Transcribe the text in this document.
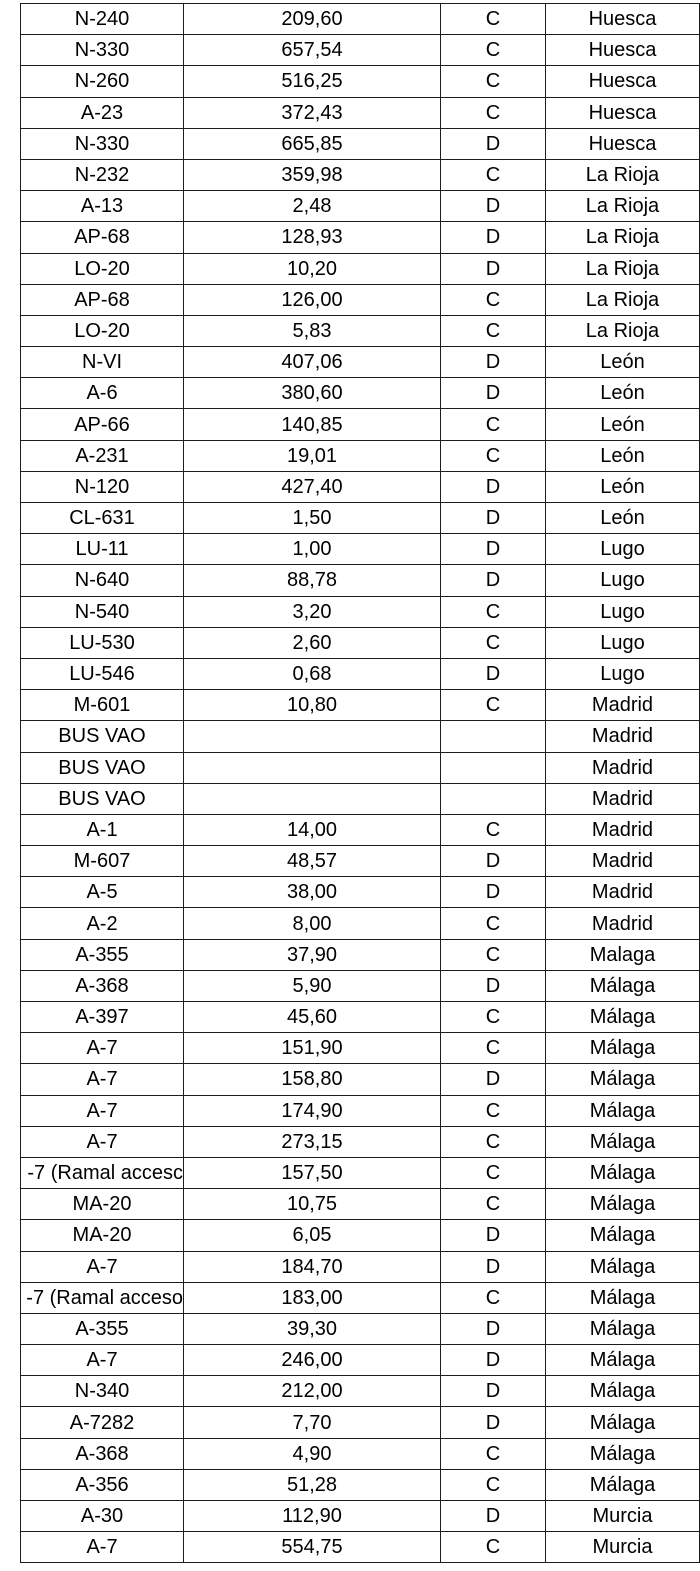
N-240	209,60	C	Huesca
N-330	657,54	C	Huesca
N-260	516,25	C	Huesca
A-23	372,43	C	Huesca
N-330	665,85	D	Huesca
N-232	359,98	C	La Rioja
A-13	2,48	D	La Rioja
AP-68	128,93	D	La Rioja
LO-20	10,20	D	La Rioja
AP-68	126,00	C	La Rioja
LO-20	5,83	C	La Rioja
N-VI	407,06	D	León
A-6	380,60	D	León
AP-66	140,85	C	León
A-231	19,01	C	León
N-120	427,40	D	León
CL-631	1,50	D	León
LU-11	1,00	D	Lugo
N-640	88,78	D	Lugo
N-540	3,20	C	Lugo
LU-530	2,60	C	Lugo
LU-546	0,68	D	Lugo
M-601	10,80	C	Madrid
BUS VAO			Madrid
BUS VAO			Madrid
BUS VAO			Madrid
A-1	14,00	C	Madrid
M-607	48,57	D	Madrid
A-5	38,00	D	Madrid
A-2	8,00	C	Madrid
A-355	37,90	C	Malaga
A-368	5,90	D	Málaga
A-397	45,60	C	Málaga
A-7	151,90	C	Málaga
A-7	158,80	D	Málaga
A-7	174,90	C	Málaga
A-7	273,15	C	Málaga
-7 (Ramal accesc	157,50	C	Málaga
MA-20	10,75	C	Málaga
MA-20	6,05	D	Málaga
A-7	184,70	D	Málaga
-7 (Ramal acceso	183,00	C	Málaga
A-355	39,30	D	Málaga
A-7	246,00	D	Málaga
N-340	212,00	D	Málaga
A-7282	7,70	D	Málaga
A-368	4,90	C	Málaga
A-356	51,28	C	Málaga
A-30	112,90	D	Murcia
A-7	554,75	C	Murcia
